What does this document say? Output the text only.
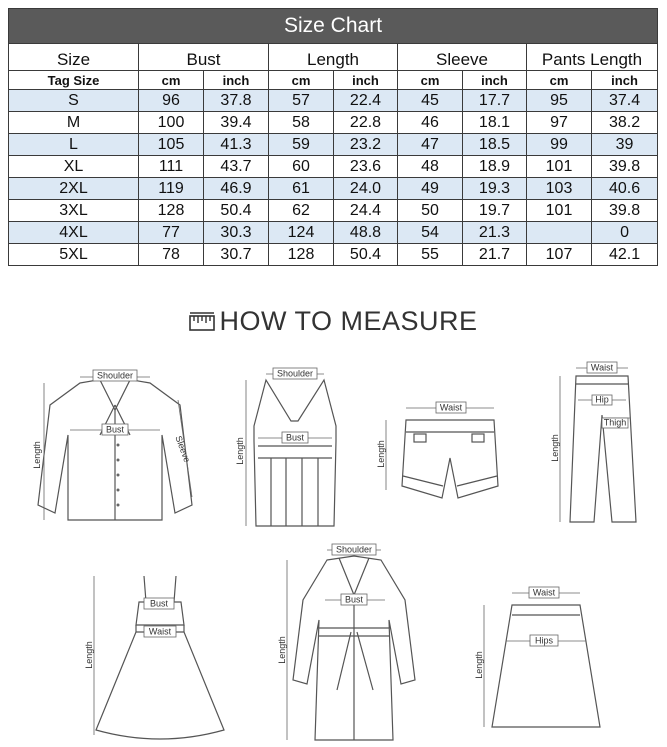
Size Chart								
Size	Bust		Length		Sleeve		Pants Length	
Tag Size	cm	inch	cm	inch	cm	inch	cm	inch
S	96	37.8	57	22.4	45	17.7	95	37.4
M	100	39.4	58	22.8	46	18.1	97	38.2
L	105	41.3	59	23.2	47	18.5	99	39
XL	111	43.7	60	23.6	48	18.9	101	39.8
2XL	119	46.9	61	24.0	49	19.3	103	40.6
3XL	128	50.4	62	24.4	50	19.7	101	39.8
4XL	77	30.3	124	48.8	54	21.3		0
5XL	78	30.7	128	50.4	55	21.7	107	42.1
HOW TO MEASURE
Shoulder
Bust
Length	Sleeve
Shoulder
Bust
Length
Waist
Length
Waist
Hip
Thigh
Length
Bust
Waist
Length
Shoulder
Bust
Length
Waist
Hips
Length
